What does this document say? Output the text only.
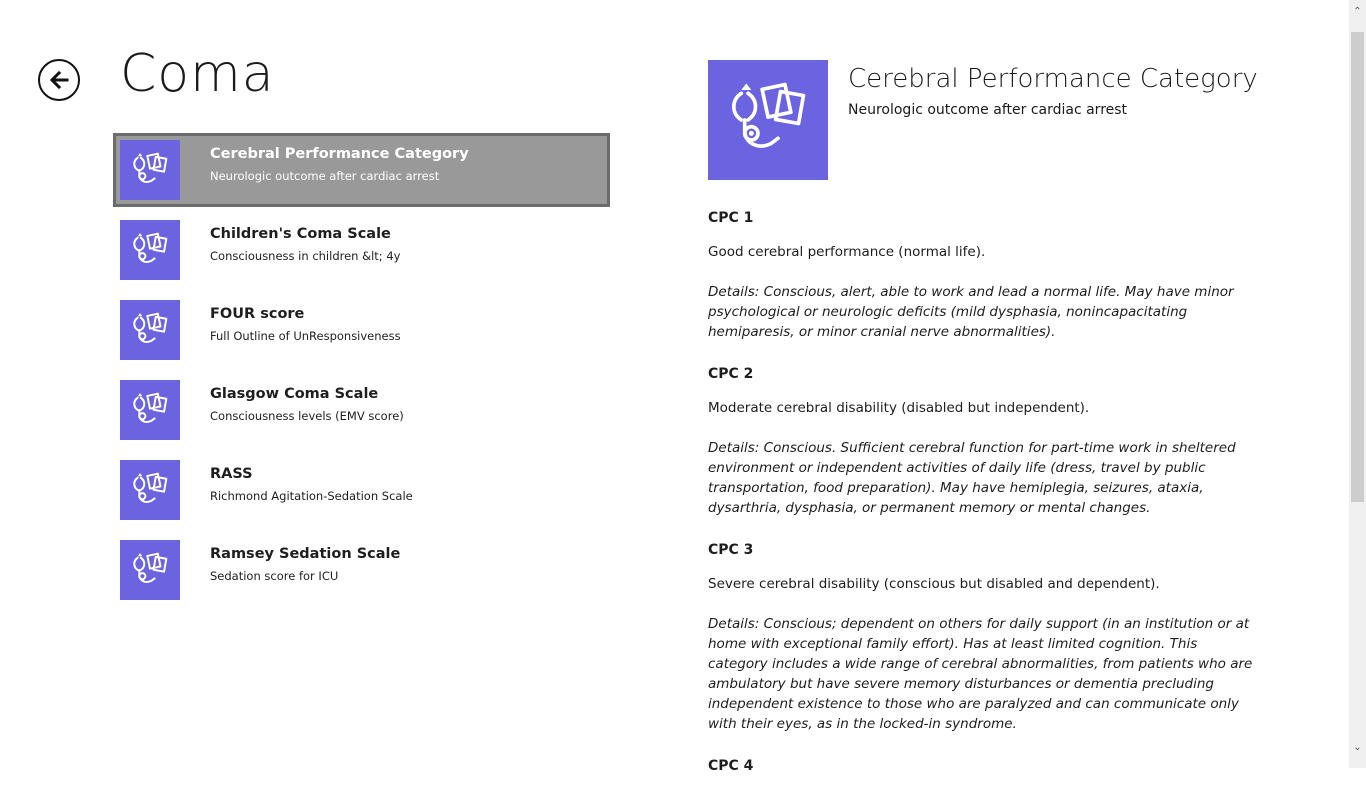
Coma
Cerebral Performance Category
Neurologic outcome after cardiac arrest
Children's Coma Scale
Consciousness in children &lt; 4y
FOUR score
Full Outline of UnResponsiveness
Glasgow Coma Scale
Consciousness levels (EMV score)
RASS
Richmond Agitation-Sedation Scale
Ramsey Sedation Scale
Sedation score for ICU
Cerebral Performance Category
Neurologic outcome after cardiac arrest
CPC 1
Good cerebral performance (normal life).
Details: Conscious, alert, able to work and lead a normal life. May have minor psychological or neurologic deficits (mild dysphasia, nonincapacitating hemiparesis, or minor cranial nerve abnormalities).
CPC 2
Moderate cerebral disability (disabled but independent).
Details: Conscious. Sufficient cerebral function for part-time work in sheltered environment or independent activities of daily life (dress, travel by public transportation, food preparation). May have hemiplegia, seizures, ataxia, dysarthria, dysphasia, or permanent memory or mental changes.
CPC 3
Severe cerebral disability (conscious but disabled and dependent).
Details: Conscious; dependent on others for daily support (in an institution or at home with exceptional family effort). Has at least limited cognition. This category includes a wide range of cerebral abnormalities, from patients who are ambulatory but have severe memory disturbances or dementia precluding independent existence to those who are paralyzed and can communicate only with their eyes, as in the locked-in syndrome.
CPC 4
⌃
⌄
